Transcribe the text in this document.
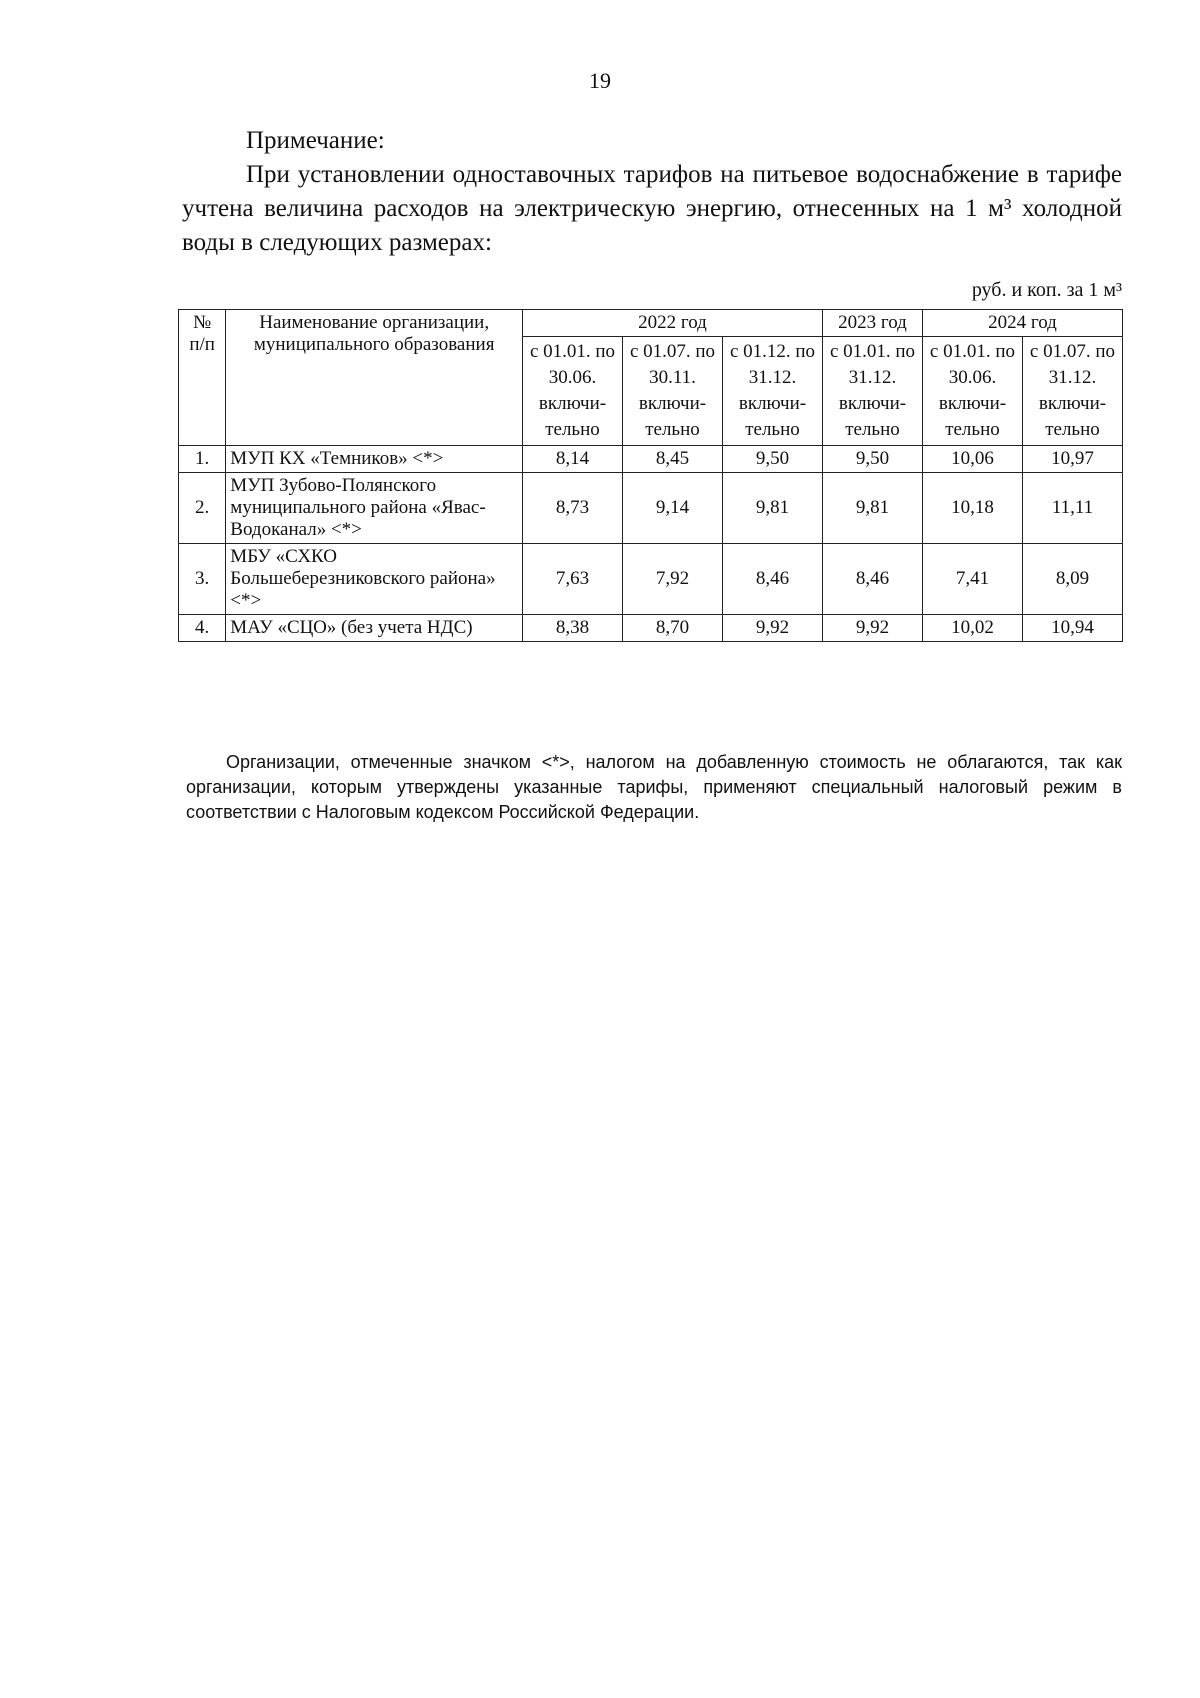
19

Примечание:

При установлении одноставочных тарифов на питьевое водоснабжение в тарифе учтена величина расходов на электрическую энергию, отнесенных на 1 м³ холодной воды в следующих размерах:

руб. и коп. за 1 м³
№ п/п	Наименование организации, муниципального образования	2022 год			2023 год	2024 год	
		с 01.01. по 30.06. включи-тельно	с 01.07. по 30.11. включи-тельно	с 01.12. по 31.12. включи-тельно	с 01.01. по 31.12. включи-тельно	с 01.01. по 30.06. включи-тельно	с 01.07. по 31.12. включи-тельно
1.	МУП КХ «Темников» <*>	8,14	8,45	9,50	9,50	10,06	10,97
2.	МУП Зубово-Полянского муниципального района «Явас-Водоканал» <*>	8,73	9,14	9,81	9,81	10,18	11,11
3.	МБУ «СХКО Большеберезниковского района» <*>	7,63	7,92	8,46	8,46	7,41	8,09
4.	МАУ «СЦО» (без учета НДС)	8,38	8,70	9,92	9,92	10,02	10,94

Организации, отмеченные значком <*>, налогом на добавленную стоимость не облагаются, так как организации, которым утверждены указанные тарифы, применяют специальный налоговый режим в соответствии с Налоговым кодексом Российской Федерации.
